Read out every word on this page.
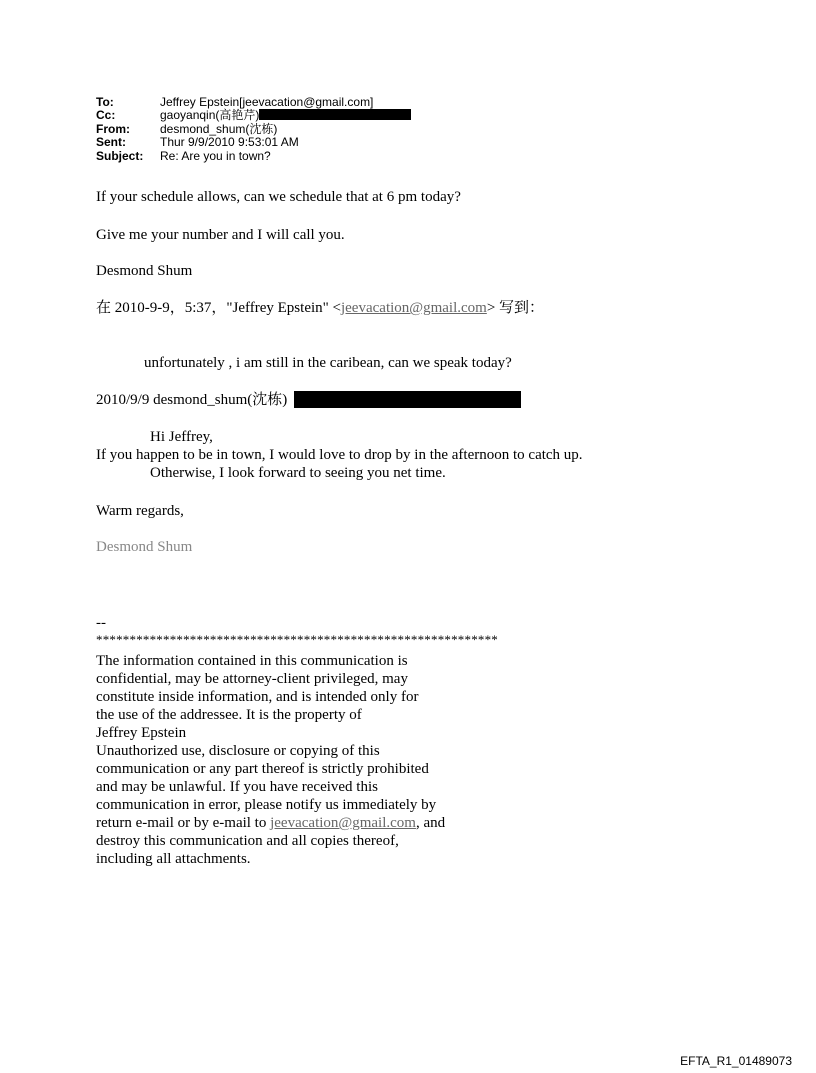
To:	Jeffrey Epstein[jeevacation@gmail.com]
Cc:	gaoyanqin(高艳芹)
From:	desmond_shum(沈栋)
Sent:	Thur 9/9/2010 9:53:01 AM
Subject:	Re: Are you in town?
If your schedule allows, can we schedule that at 6 pm today?
Give me your number and I will call you.
Desmond Shum
在 2010-9-9，5:37，"Jeffrey Epstein" <jeevacation@gmail.com> 写到：
unfortunately , i am still in the caribean, can we speak today?
2010/9/9 desmond_shum(沈栋)
Hi Jeffrey,
If you happen to be in town, I would love to drop by in the afternoon to catch up.
Otherwise, I look forward to seeing you net time.
Warm regards,
Desmond Shum
--
************************************************************
The information contained in this communication is
confidential, may be attorney-client privileged, may
constitute inside information, and is intended only for
the use of the addressee. It is the property of
Jeffrey Epstein
Unauthorized use, disclosure or copying of this
communication or any part thereof is strictly prohibited
and may be unlawful. If you have received this
communication in error, please notify us immediately by
return e-mail or by e-mail to jeevacation@gmail.com, and
destroy this communication and all copies thereof,
including all attachments.
EFTA_R1_01489073
